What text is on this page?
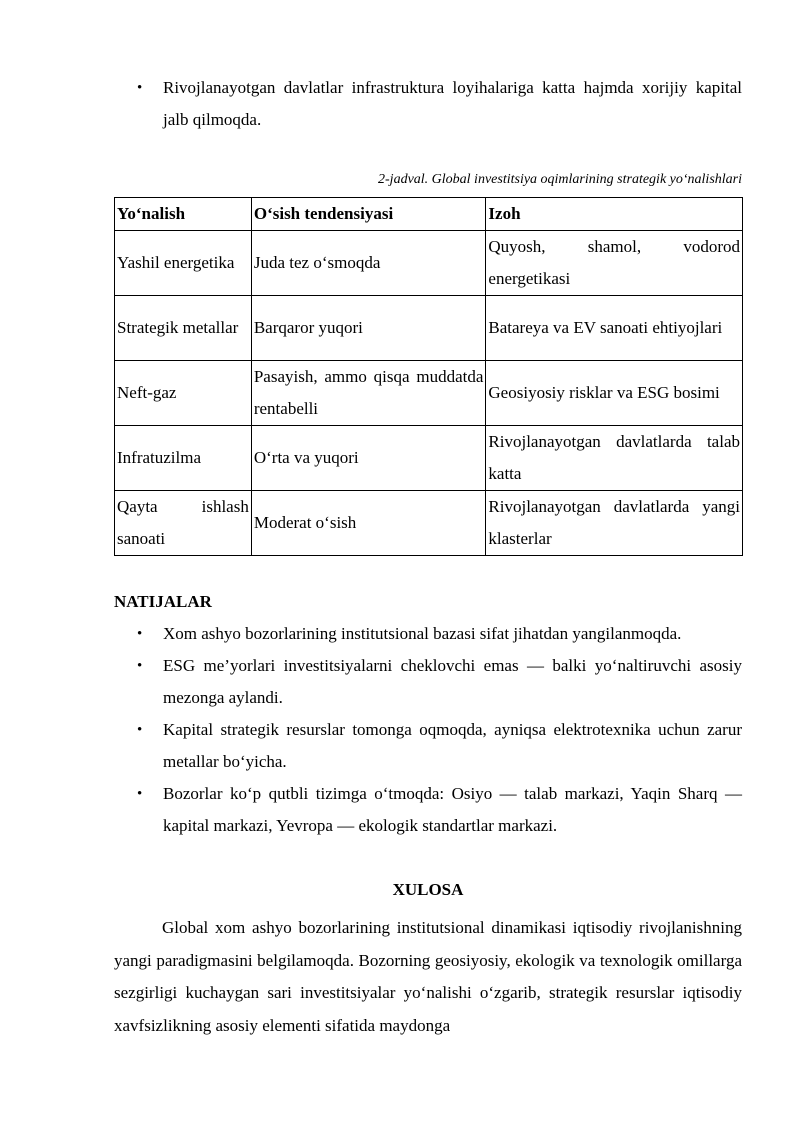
• Rivojlanayotgan davlatlar infrastruktura loyihalariga katta hajmda xorijiy kapital jalb qilmoqda.
2-jadval. Global investitsiya oqimlarining strategik yo‘nalishlari
Yo‘nalish	O‘sish tendensiyasi	Izoh
Yashil energetika	Juda tez o‘smoqda	Quyosh, shamol, vodorod energetikasi
Strategik metallar	Barqaror yuqori	Batareya va EV sanoati ehtiyojlari
Neft-gaz	Pasayish, ammo qisqa muddatda rentabelli	Geosiyosiy risklar va ESG bosimi
Infratuzilma	O‘rta va yuqori	Rivojlanayotgan davlatlarda talab katta
Qayta ishlash sanoati	Moderat o‘sish	Rivojlanayotgan davlatlarda yangi klasterlar
NATIJALAR
• Xom ashyo bozorlarining institutsional bazasi sifat jihatdan yangilanmoqda.
• ESG me’yorlari investitsiyalarni cheklovchi emas — balki yo‘naltiruvchi asosiy mezonga aylandi.
• Kapital strategik resurslar tomonga oqmoqda, ayniqsa elektrotexnika uchun zarur metallar bo‘yicha.
• Bozorlar ko‘p qutbli tizimga o‘tmoqda: Osiyo — talab markazi, Yaqin Sharq — kapital markazi, Yevropa — ekologik standartlar markazi.
XULOSA

Global xom ashyo bozorlarining institutsional dinamikasi iqtisodiy rivojlanishning yangi paradigmasini belgilamoqda. Bozorning geosiyosiy, ekologik va texnologik omillarga sezgirligi kuchaygan sari investitsiyalar yo‘nalishi o‘zgarib, strategik resurslar iqtisodiy xavfsizlikning asosiy elementi sifatida maydonga
